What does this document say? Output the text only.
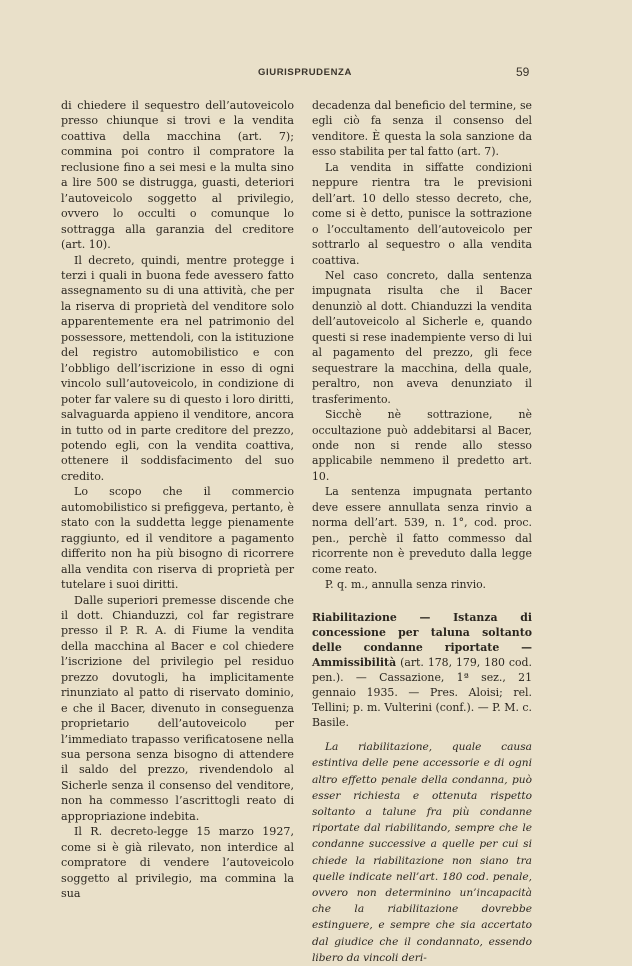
GIURISPRUDENZA	59

di chiedere il sequestro dell’autoveicolo presso chiunque si trovi e la vendita coattiva della macchina (art. 7); commina poi contro il compratore la reclusione fino a sei mesi e la multa sino a lire 500 se distrugga, guasti, deteriori l’autoveicolo soggetto al privilegio, ovvero lo occulti o comunque lo sottragga alla garanzia del creditore (art. 10).

Il decreto, quindi, mentre protegge i terzi i quali in buona fede avessero fatto assegnamento su di una attività, che per la riserva di proprietà del venditore solo apparentemente era nel patrimonio del possessore, mettendoli, con la istituzione del registro automobilistico e con l’obbligo dell’iscrizione in esso di ogni vincolo sull’autoveicolo, in condizione di poter far valere su di questo i loro diritti, salvaguarda appieno il venditore, ancora in tutto od in parte creditore del prezzo, potendo egli, con la vendita coattiva, ottenere il soddisfacimento del suo credito.

Lo scopo che il commercio automobilistico si prefiggeva, pertanto, è stato con la suddetta legge pienamente raggiunto, ed il venditore a pagamento differito non ha più bisogno di ricorrere alla vendita con riserva di proprietà per tutelare i suoi diritti.

Dalle superiori premesse discende che il dott. Chianduzzi, col far registrare presso il P. R. A. di Fiume la vendita della macchina al Bacer e col chiedere l’iscrizione del privilegio pel residuo prezzo dovutogli, ha implicitamente rinunziato al patto di riservato dominio, e che il Bacer, divenuto in conseguenza proprietario dell’autoveicolo per l’immediato trapasso verificatosene nella sua persona senza bisogno di attendere il saldo del prezzo, rivendendolo al Sicherle senza il consenso del venditore, non ha commesso l’ascrittogli reato di appropriazione indebita.

Il R. decreto-legge 15 marzo 1927, come si è già rilevato, non interdice al compratore di vendere l’autoveicolo soggetto al privilegio, ma commina la sua

decadenza dal beneficio del termine, se egli ciò fa senza il consenso del venditore. È questa la sola sanzione da esso stabilita per tal fatto (art. 7).

La vendita in siffatte condizioni neppure rientra tra le previsioni dell’art. 10 dello stesso decreto, che, come si è detto, punisce la sottrazione o l’occultamento dell’autoveicolo per sottrarlo al sequestro o alla vendita coattiva.

Nel caso concreto, dalla sentenza impugnata risulta che il Bacer denunziò al dott. Chianduzzi la vendita dell’autoveicolo al Sicherle e, quando questi si rese inadempiente verso di lui al pagamento del prezzo, gli fece sequestrare la macchina, della quale, peraltro, non aveva denunziato il trasferimento.

Sicchè nè sottrazione, nè occultazione può addebitarsi al Bacer, onde non si rende allo stesso applicabile nemmeno il predetto art. 10.

La sentenza impugnata pertanto deve essere annullata senza rinvio a norma dell’art. 539, n. 1°, cod. proc. pen., perchè il fatto commesso dal ricorrente non è preveduto dalla legge come reato.

P. q. m., annulla senza rinvio.

Riabilitazione — Istanza di concessione per taluna soltanto delle condanne riportate — Ammissibilità (art. 178, 179, 180 cod. pen.). — Cassazione, 1ª sez., 21 gennaio 1935. — Pres. Aloisi; rel. Tellini; p. m. Vulterini (conf.). — P. M. c. Basile.

La riabilitazione, quale causa estintiva delle pene accessorie e di ogni altro effetto penale della condanna, può esser richiesta e ottenuta rispetto soltanto a talune fra più condanne riportate dal riabilitando, sempre che le condanne successive a quelle per cui si chiede la riabilitazione non siano tra quelle indicate nell’art. 180 cod. penale, ovvero non determinino un’incapacità che la riabilitazione dovrebbe estinguere, e sempre che sia accertato dal giudice che il condannato, essendo libero da vincoli deri-
